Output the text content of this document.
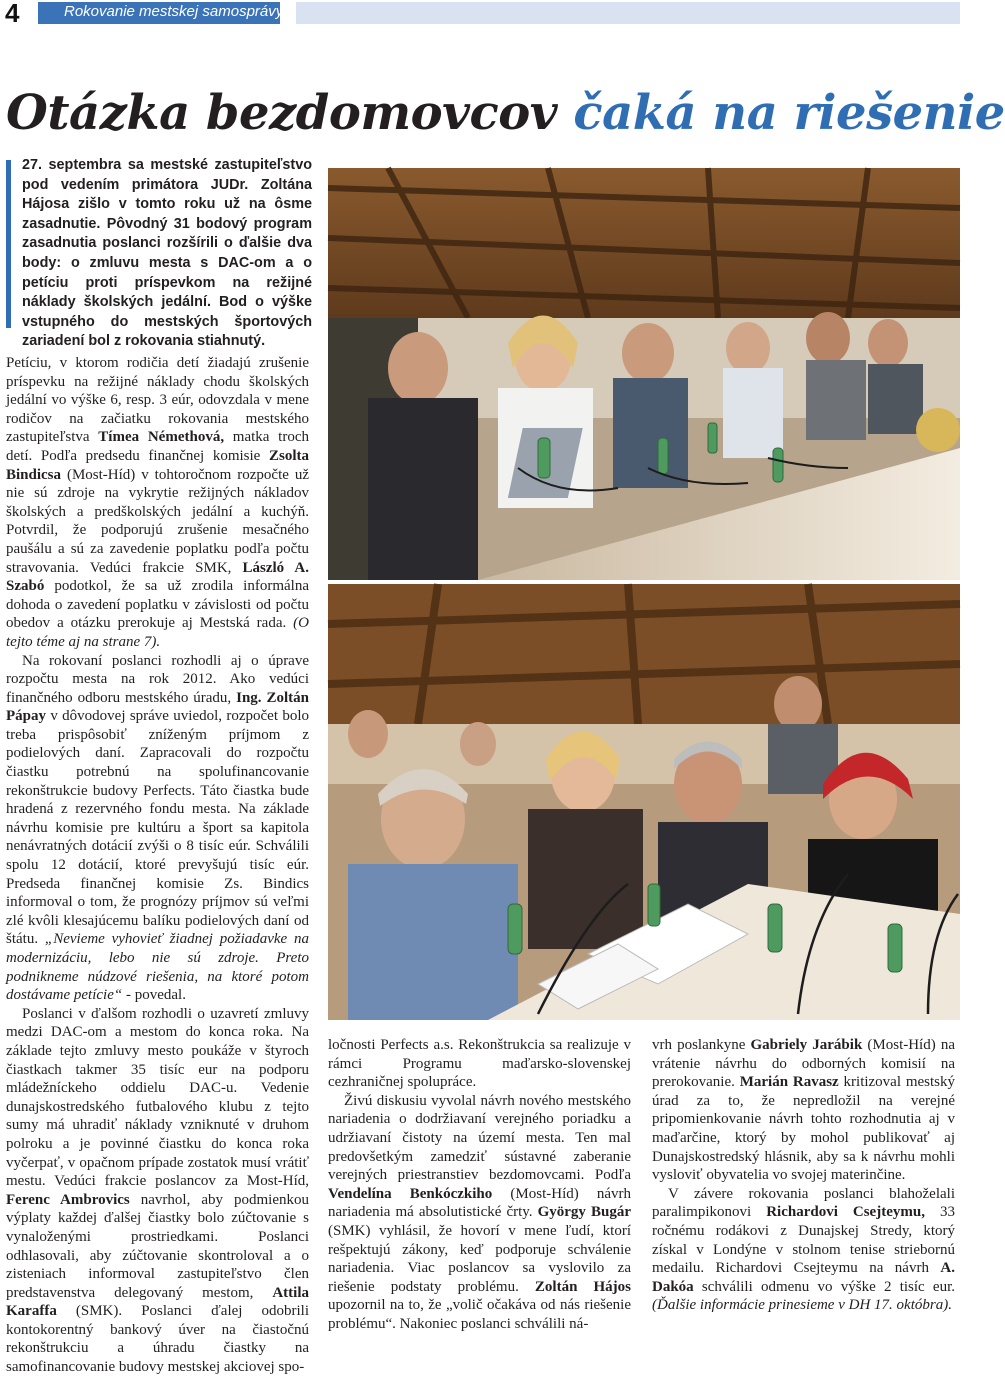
4	Rokovanie mestskej samosprávy
Otázka bezdomovcov čaká na riešenie

27. septembra sa mestské zastupiteľstvo pod vedením primátora JUDr. Zoltána Hájosa zišlo v tomto roku už na ôsme zasadnutie. Pôvodný 31 bodový program zasadnutia poslanci rozšírili o ďalšie dva body: o zmluvu mesta s DAC-om a o petíciu proti príspevkom na režijné náklady školských jedální. Bod o výške vstupného do mestských športových zariadení bol z rokovania stiahnutý.

Petíciu, v ktorom rodičia detí žiadajú zrušenie príspevku na režijné náklady chodu školských jedální vo výške 6, resp. 3 eúr, odovzdala v mene rodičov na začiatku rokovania mestského zastupiteľstva Tímea Némethová, matka troch detí. Podľa predsedu finančnej komisie Zsolta Bindicsa (Most-Híd) v tohtoročnom rozpočte už nie sú zdroje na vykrytie režijných nákladov školských a predškolských jedální a kuchýň. Potvrdil, že podporujú zrušenie mesačného paušálu a sú za zavedenie poplatku podľa počtu stravovania. Vedúci frakcie SMK, László A. Szabó podotkol, že sa už zrodila informálna dohoda o zavedení poplatku v závislosti od počtu obedov a otázku prerokuje aj Mestská rada. (O tejto téme aj na strane 7).

Na rokovaní poslanci rozhodli aj o úprave rozpočtu mesta na rok 2012. Ako vedúci finančného odboru mestského úradu, Ing. Zoltán Pápay v dôvodovej správe uviedol, rozpočet bolo treba prispôsobiť zníženým príjmom z podielových daní. Zapracovali do rozpočtu čiastku potrebnú na spolufinancovanie rekonštrukcie budovy Perfects. Táto čiastka bude hradená z rezervného fondu mesta. Na základe návrhu komisie pre kultúru a šport sa kapitola nenávratných dotácií zvýši o 8 tisíc eúr. Schválili spolu 12 dotácií, ktoré prevyšujú tisíc eúr. Predseda finančnej komisie Zs. Bindics informoval o tom, že prognózy príjmov sú veľmi zlé kvôli klesajúcemu balíku podielových daní od štátu. „Nevieme vyhovieť žiadnej požiadavke na modernizáciu, lebo nie sú zdroje. Preto podnikneme núdzové riešenia, na ktoré potom dostávame petície“ - povedal.

Poslanci v ďalšom rozhodli o uzavretí zmluvy medzi DAC-om a mestom do konca roka. Na základe tejto zmluvy mesto poukáže v štyroch čiastkach takmer 35 tisíc eur na podporu mládežníckeho oddielu DAC-u. Vedenie dunajskostredského futbalového klubu z tejto sumy má uhradiť náklady vzniknuté v druhom polroku a je povinné čiastku do konca roka vyčerpať, v opačnom prípade zostatok musí vrátiť mestu. Vedúci frakcie poslancov za Most-Híd, Ferenc Ambrovics navrhol, aby podmienkou výplaty každej ďalšej čiastky bolo zúčtovanie s vynaloženými prostriedkami. Poslanci odhlasovali, aby zúčtovanie skontroloval a o zisteniach informoval zastupiteľstvo člen predstavenstva delegovaný mestom, Attila Karaffa (SMK). Poslanci ďalej odobrili kontokorentný bankový úver na čiastočnú rekonštrukciu a úhradu čiastky na samofinancovanie budovy mestskej akciovej spo-

ločnosti Perfects a.s. Rekonštrukcia sa realizuje v rámci Programu maďarsko-slovenskej cezhraničnej spolupráce.

Živú diskusiu vyvolal návrh nového mestského nariadenia o dodržiavaní verejného poriadku a udržiavaní čistoty na území mesta. Ten mal predovšetkým zamedziť sústavné zaberanie verejných priestranstiev bezdomovcami. Podľa Vendelína Benkóczkiho (Most-Híd) návrh nariadenia má absolutistické črty. György Bugár (SMK) vyhlásil, že hovorí v mene ľudí, ktorí rešpektujú zákony, keď podporuje schválenie nariadenia. Viac poslancov sa vyslovilo za riešenie podstaty problému. Zoltán Hájos upozornil na to, že „volič očakáva od nás riešenie problému“. Nakoniec poslanci schválili ná-

vrh poslankyne Gabriely Jarábik (Most-Híd) na vrátenie návrhu do odborných komisií na prerokovanie. Marián Ravasz kritizoval mestský úrad za to, že nepredložil na verejné pripomienkovanie návrh tohto rozhodnutia aj v maďarčine, ktorý by mohol publikovať aj Dunajskostredský hlásnik, aby sa k návrhu mohli vysloviť obyvatelia vo svojej materinčine.

V závere rokovania poslanci blahoželali paralimpikonovi Richardovi Csejteymu, 33 ročnému rodákovi z Dunajskej Stredy, ktorý získal v Londýne v stolnom tenise striebornú medailu. Richardovi Csejteymu na návrh A. Dakóa schválili odmenu vo výške 2 tisíc eur. (Ďalšie informácie prinesieme v DH 17. októbra).
